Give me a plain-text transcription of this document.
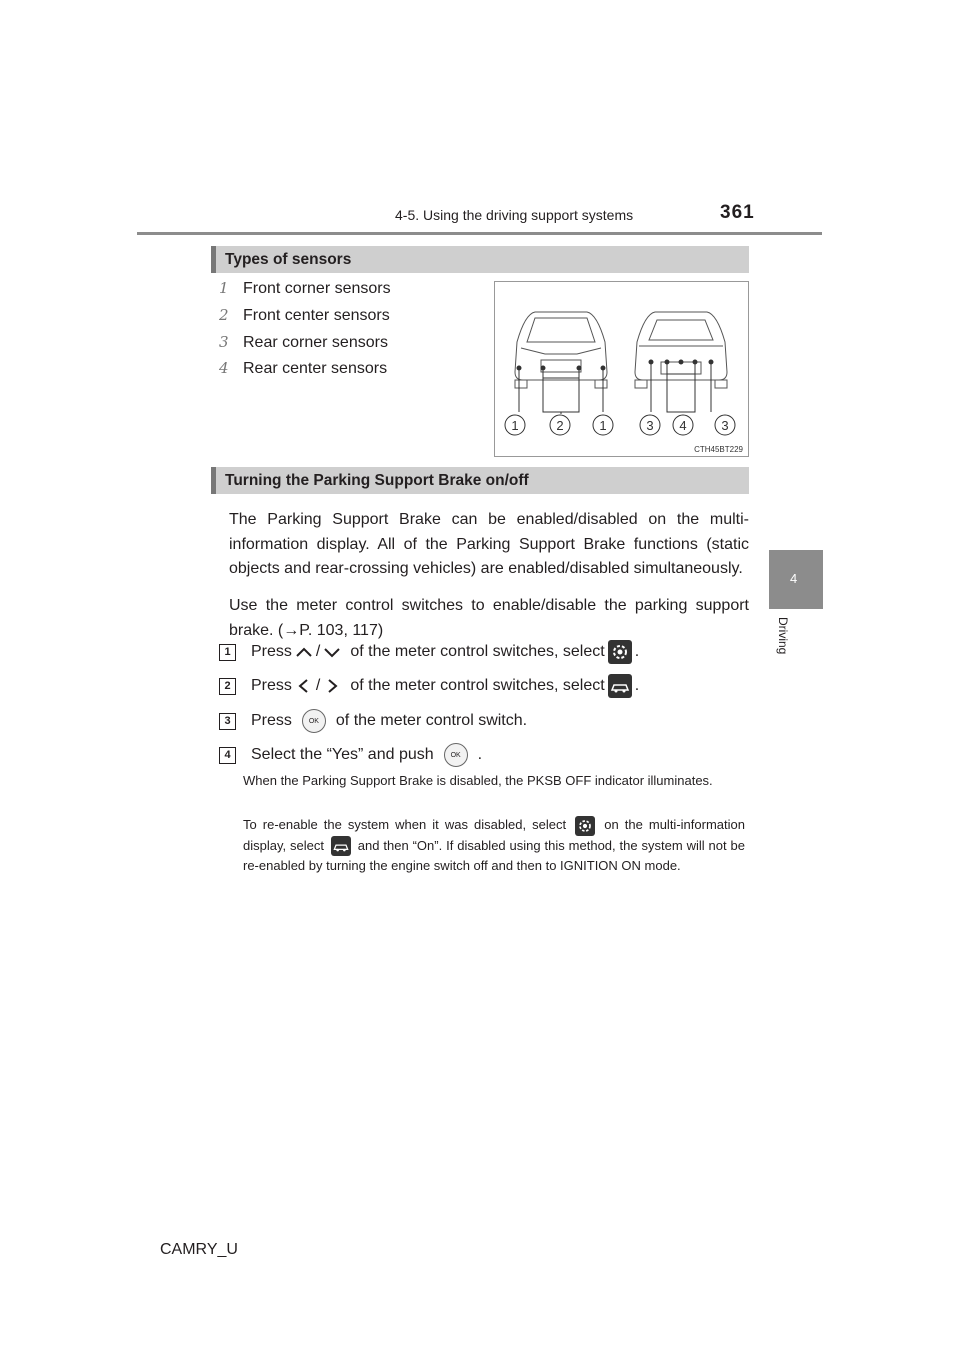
4-5. Using the driving support systems	361
4
Driving
Types of sensors
1 Front corner sensors
2 Front center sensors
3 Rear corner sensors
4 Rear center sensors
1	2	1	3 4	3
CTH45BT229
Turning the Parking Support Brake on/off
The Parking Support Brake can be enabled/disabled on the multi-information display. All of the Parking Support Brake functions (static objects and rear-crossing vehicles) are enabled/disabled simultaneously.
Use the meter control switches to enable/disable the parking support brake. (→P. 103, 117)
1	Press / of the meter control switches, select .
2	Press / of the meter control switches, select .
3	Press	OK	of the meter control switch.
4	Select the “Yes” and push	OK	.
When the Parking Support Brake is disabled, the PKSB OFF indicator illuminates.
To re-enable the system when it was disabled, select	on the multi-information display, select	and then “On”. If disabled using this method, the system will not be re-enabled by turning the engine switch off and then to IGNITION ON mode.
CAMRY_U
